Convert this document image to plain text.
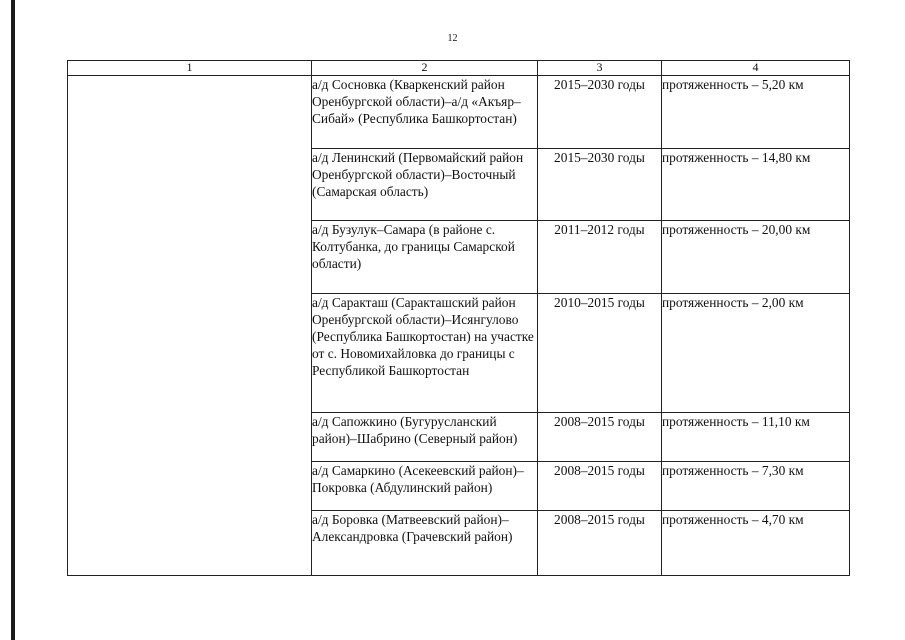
12
1	2	3	4
	а/д Сосновка (Кваркенский район Оренбургской области)–а/д «Акъяр–Сибай» (Республика Башкортостан)	2015–2030 годы	протяженность – 5,20 км
	а/д Ленинский (Первомайский район Оренбургской области)–Восточный (Самарская область)	2015–2030 годы	протяженность – 14,80 км
	а/д Бузулук–Самара (в районе с. Колтубанка, до границы Самарской области)	2011–2012 годы	протяженность – 20,00 км
	а/д Саракташ (Саракташский район Оренбургской области)–Исянгулово (Республика Башкортостан) на участке от с. Новомихайловка до границы с Республикой Башкортостан	2010–2015 годы	протяженность – 2,00 км
	а/д Сапожкино (Бугурусланский район)–Шабрино (Северный район)	2008–2015 годы	протяженность – 11,10 км
	а/д Самаркино (Асекеевский район)–Покровка (Абдулинский район)	2008–2015 годы	протяженность – 7,30 км
	а/д Боровка (Матвеевский район)–Александровка (Грачевский район)	2008–2015 годы	протяженность – 4,70 км
